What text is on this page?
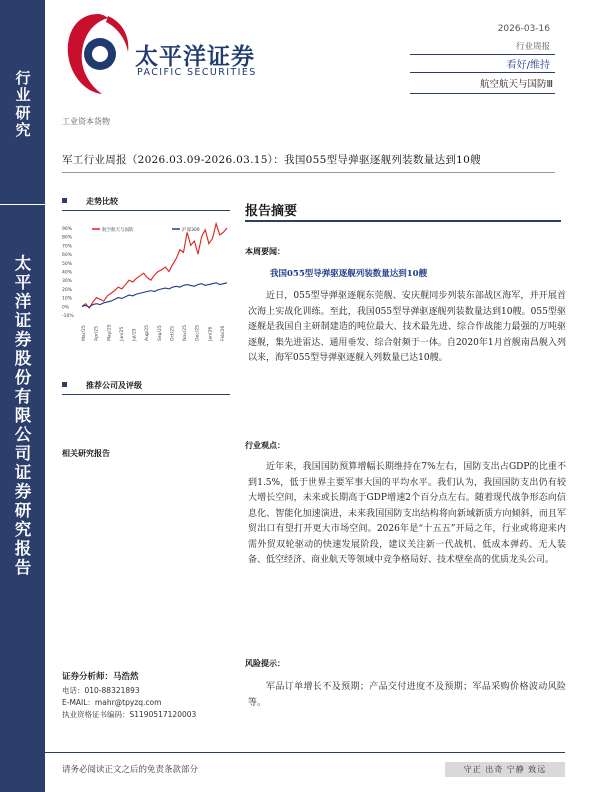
行
业
研
究
太
平
洋
证
券
股
份
有
限
公
司
证
券
研
究
报
告
太平洋证券
PACIFIC SECURITIES
2026-03-16
行业周报
看好/维持
航空航天与国防Ⅲ
工业资本货物
军工行业周报（2026.03.09-2026.03.15）：我国055型导弹驱逐舰列装数量达到10艘
走势比较
90%
80%
70%
60%
50%
40%
30%
20%
10%
0%
-10%
Mar/25 Apr/25 May/25 Jun/25 Jul/25 Aug/25 Sep/25 Oct/25 Nov/25 Dec/25 Jan/26 Feb/26
航空航天与国防	沪深300
推荐公司及评级
相关研究报告
证券分析师：马浩然
电话：010-88321893
E-MAIL：mahr@tpyzq.com
执业资格证书编码：S1190517120003
报告摘要
本周要闻：
我国055型导弹驱逐舰列装数量达到10艘
近日，055型导弹驱逐舰东莞舰、安庆舰同步列装东部战区海军，并开展首次海上实战化训练。至此，我国055型导弹驱逐舰列装数量达到10艘。055型驱逐舰是我国自主研制建造的吨位最大、技术最先进、综合作战能力最强的万吨驱逐舰，集先进雷达、通用垂发、综合射频于一体。自2020年1月首舰南昌舰入列以来，海军055型导弹驱逐舰入列数量已达10艘。
行业观点：
近年来，我国国防预算增幅长期维持在7%左右，国防支出占GDP的比重不到1.5%，低于世界主要军事大国的平均水平。我们认为，我国国防支出仍有较大增长空间，未来或长期高于GDP增速2个百分点左右。随着现代战争形态向信息化、智能化加速演进，未来我国国防支出结构将向新域新质方向倾斜，而且军贸出口有望打开更大市场空间。2026年是“十五五”开局之年，行业或将迎来内需外贸双轮驱动的快速发展阶段，建议关注新一代战机、低成本弹药、无人装备、低空经济、商业航天等领域中竞争格局好、技术壁垒高的优质龙头公司。
风险提示：
军品订单增长不及预期；产品交付进度不及预期；军品采购价格波动风险等。
请务必阅读正文之后的免责条款部分	守正 出奇 宁静 致远
